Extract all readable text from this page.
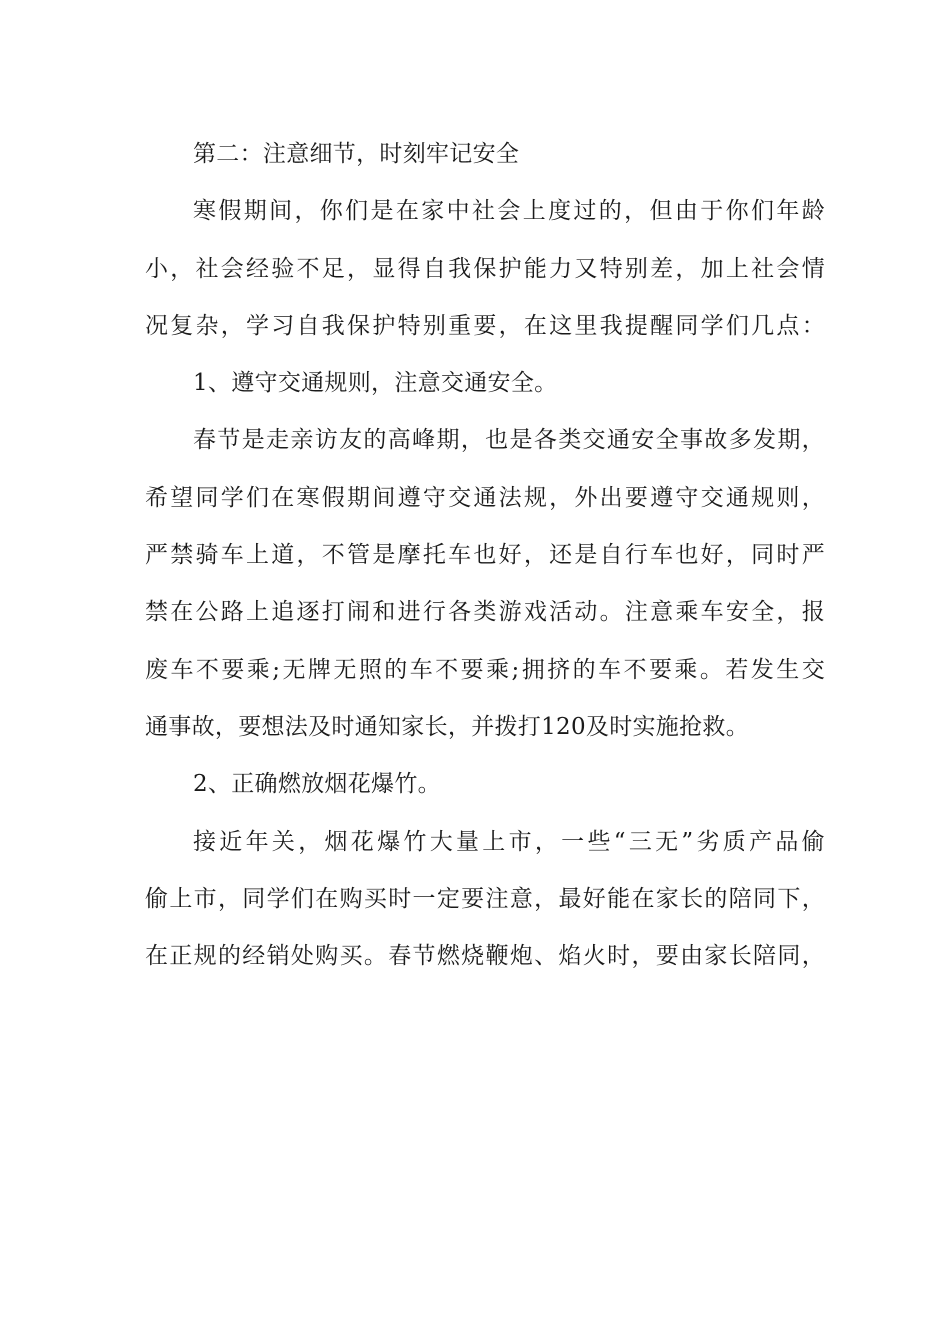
第二：注意细节，时刻牢记安全
寒假期间，你们是在家中社会上度过的，但由于你们年龄
小，社会经验不足，显得自我保护能力又特别差，加上社会情
况复杂，学习自我保护特别重要，在这里我提醒同学们几点：
1、遵守交通规则，注意交通安全。
春节是走亲访友的高峰期，也是各类交通安全事故多发期，
希望同学们在寒假期间遵守交通法规，外出要遵守交通规则，
严禁骑车上道，不管是摩托车也好，还是自行车也好，同时严
禁在公路上追逐打闹和进行各类游戏活动。注意乘车安全，报
废车不要乘;无牌无照的车不要乘;拥挤的车不要乘。若发生交
通事故，要想法及时通知家长，并拨打120及时实施抢救。
2、正确燃放烟花爆竹。
接近年关，烟花爆竹大量上市，一些“三无”劣质产品偷
偷上市，同学们在购买时一定要注意，最好能在家长的陪同下，
在正规的经销处购买。春节燃烧鞭炮、焰火时，要由家长陪同，
